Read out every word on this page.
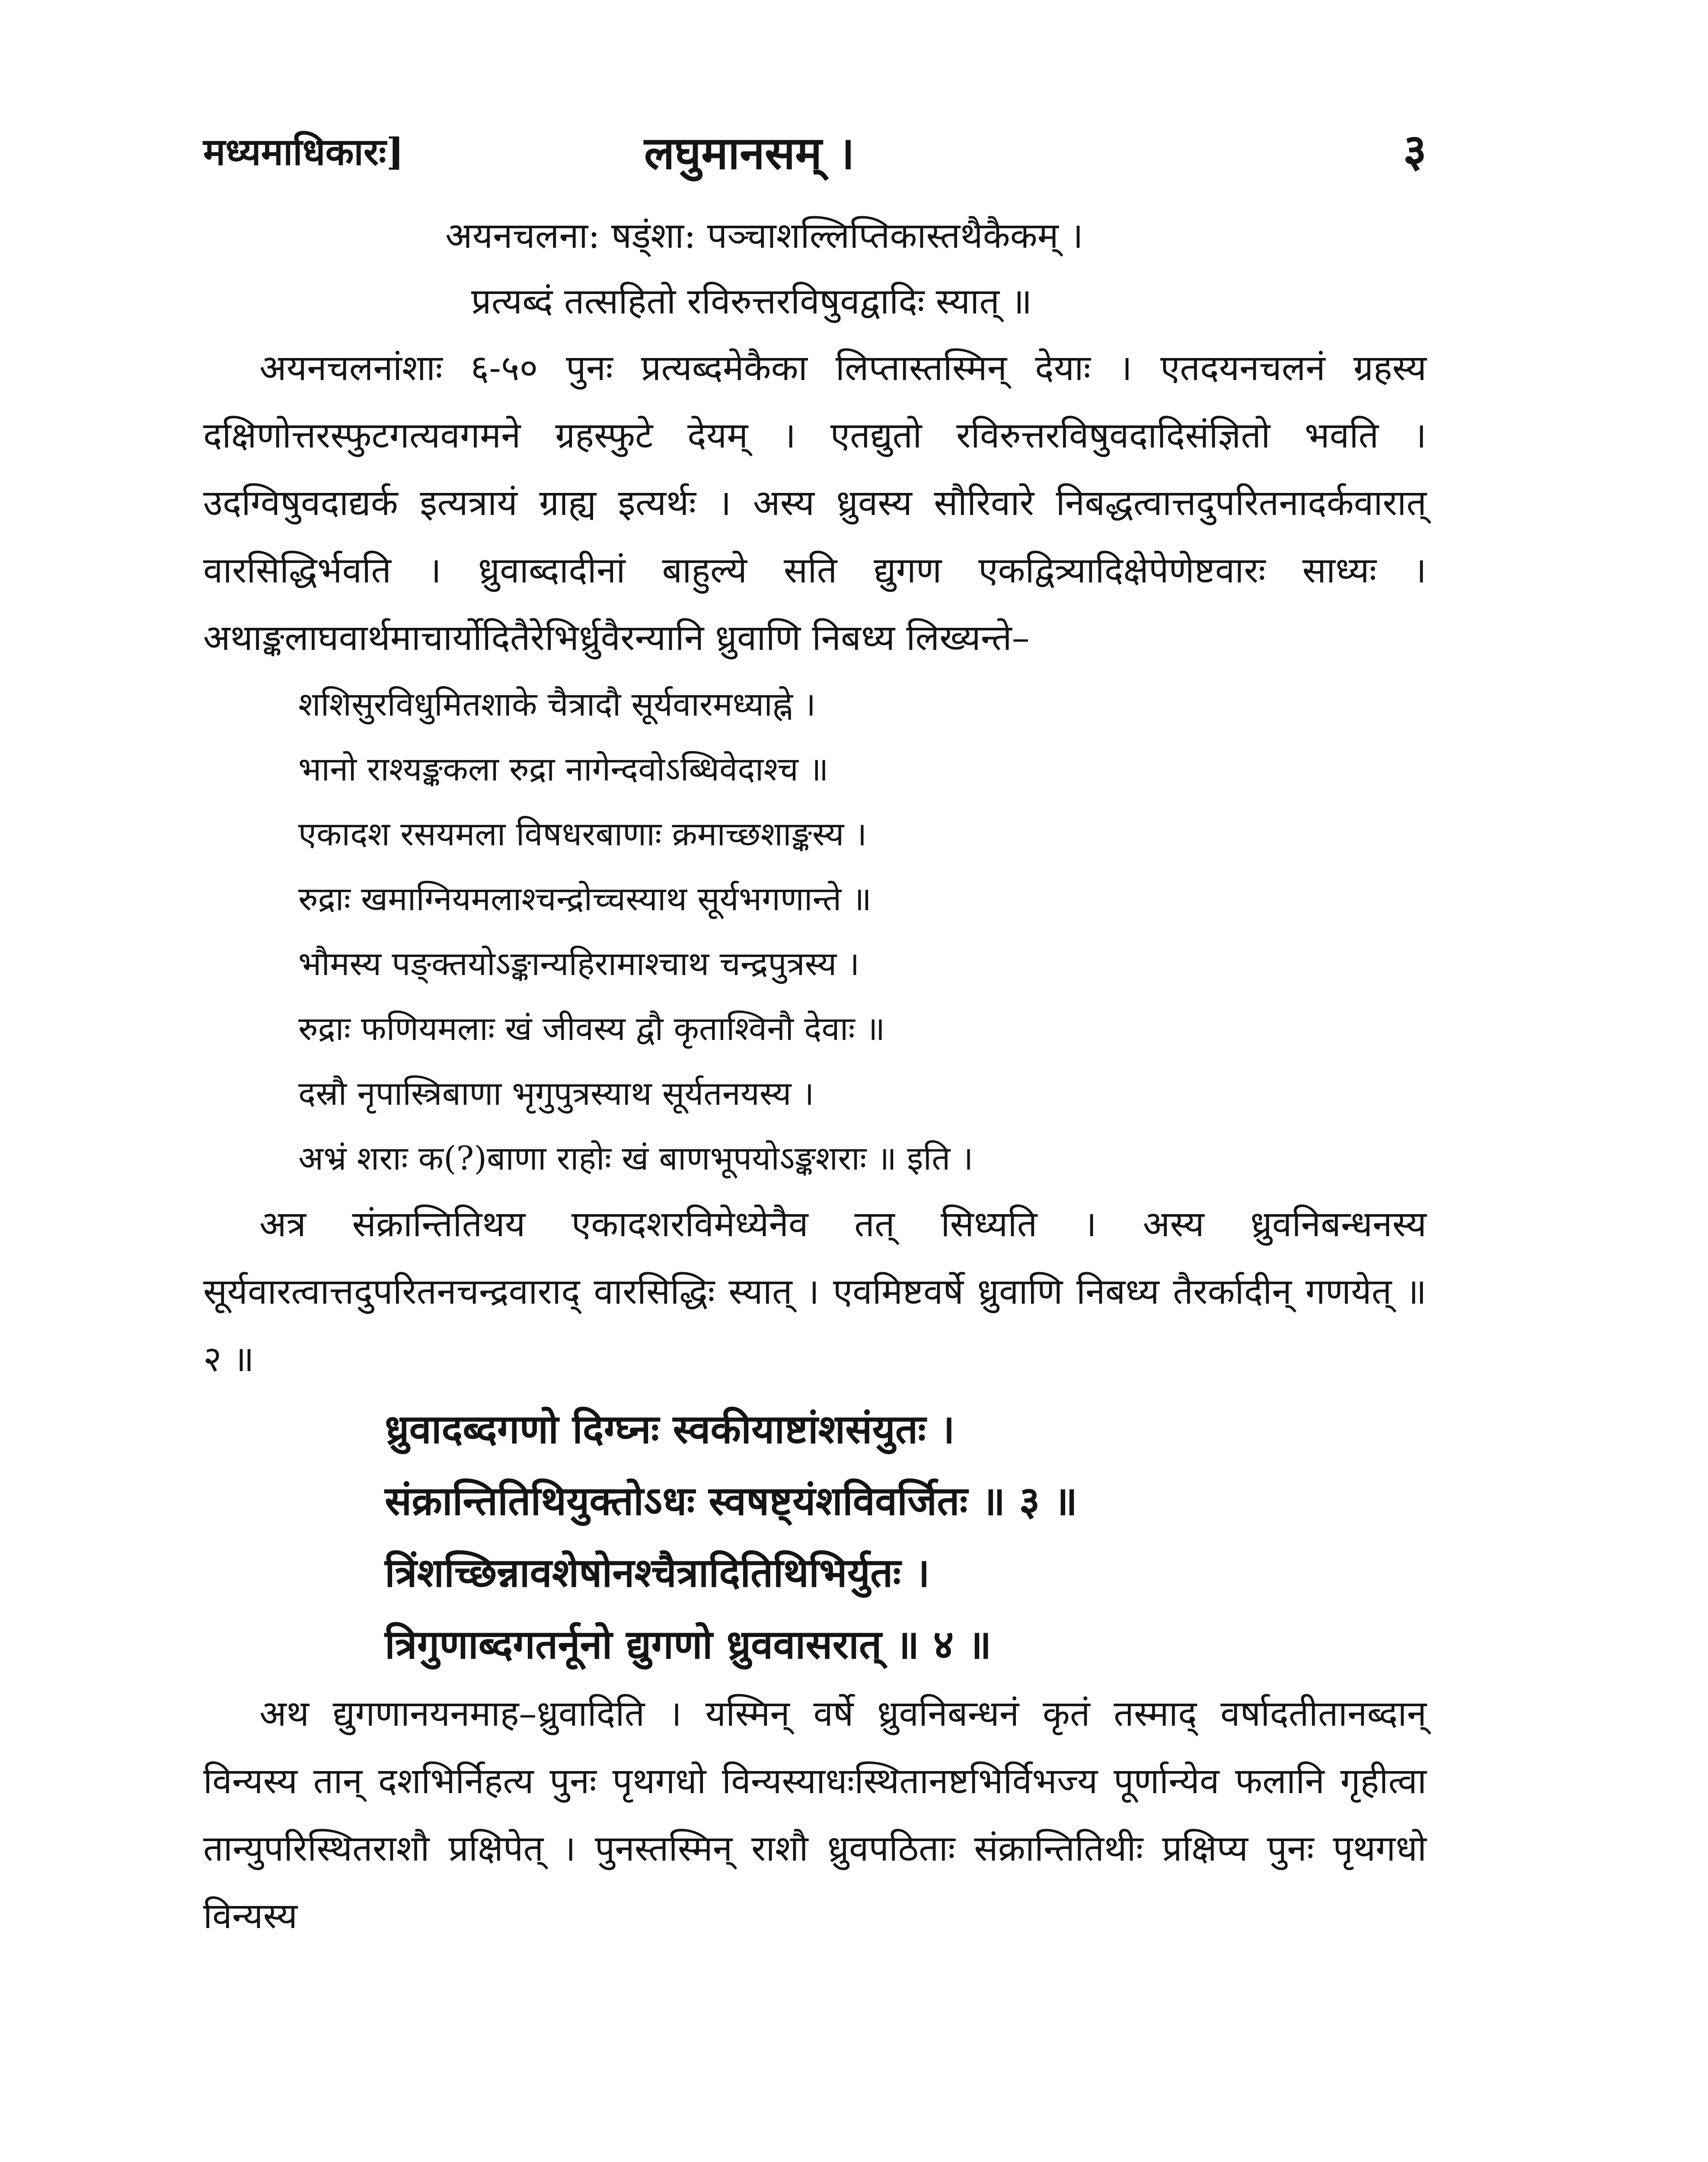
मध्यमाधिकारः]	लघुमानसम् ।	३
अयनचलना: षड्ंशा: पञ्चाशल्लिप्तिकास्तथैकैकम् ।
प्रत्यब्दं तत्सहितो रविरुत्तरविषुवद्वादिः स्यात् ॥

अयनचलनांशाः ६-५० पुनः प्रत्यब्दमेकैका लिप्तास्तस्मिन् देयाः । एतदयनचलनं ग्रहस्य दक्षिणोत्तरस्फुटगत्यवगमने ग्रहस्फुटे देयम् । एतद्युतो रविरुत्तरविषुवदादिसंज्ञितो भवति । उदग्विषुवदाद्यर्क इत्यत्रायं ग्राह्य इत्यर्थः । अस्य ध्रुवस्य सौरिवारे निबद्धत्वात्तदुपरितनादर्कवारात् वारसिद्धिर्भवति । ध्रुवाब्दादीनां बाहुल्ये सति द्युगण एकद्वित्र्यादिक्षेपेणेष्टवारः साध्यः । अथाङ्कलाघवार्थमाचार्योदितैरेभिर्ध्रुवैरन्यानि ध्रुवाणि निबध्य लिख्यन्ते–

शशिसुरविधुमितशाके चैत्रादौ सूर्यवारमध्याह्ने ।
भानो राश्यङ्ककला रुद्रा नागेन्दवोऽब्धिवेदाश्च ॥
एकादश रसयमला विषधरबाणाः क्रमाच्छशाङ्कस्य ।
रुद्राः खमाग्नियमलाश्चन्द्रोच्चस्याथ सूर्यभगणान्ते ॥
भौमस्य पङ्क्तयोऽङ्कान्यहिरामाश्चाथ चन्द्रपुत्रस्य ।
रुद्राः फणियमलाः खं जीवस्य द्वौ कृताश्विनौ देवाः ॥
दस्रौ नृपास्त्रिबाणा भृगुपुत्रस्याथ सूर्यतनयस्य ।
अभ्रं शराः क(?)बाणा राहोः खं बाणभूपयोऽङ्कशराः ॥ इति ।

अत्र संक्रान्तितिथय एकादशरविमेध्येनैव तत् सिध्यति । अस्य ध्रुवनिबन्धनस्य सूर्यवारत्वात्तदुपरितनचन्द्रवाराद् वारसिद्धिः स्यात् । एवमिष्टवर्षे ध्रुवाणि निबध्य तैरर्कादीन् गणयेत् ॥ २ ॥

ध्रुवादब्दगणो दिग्घ्नः स्वकीयाष्टांशसंयुतः ।
संक्रान्तितिथियुक्तोऽधः स्वषष्ट्यंशविवर्जितः ॥ ३ ॥
त्रिंशच्छिन्नावशेषोनश्चैत्रादितिथिभिर्युतः ।
त्रिगुणाब्दगतर्नूनो द्युगणो ध्रुववासरात् ॥ ४ ॥

अथ द्युगणानयनमाह–ध्रुवादिति । यस्मिन् वर्षे ध्रुवनिबन्धनं कृतं तस्माद् वर्षादतीतानब्दान् विन्यस्य तान् दशभिर्निहत्य पुनः पृथगधो विन्यस्याधःस्थितानष्टभिर्विभज्य पूर्णान्येव फलानि गृहीत्वा तान्युपरिस्थितराशौ प्रक्षिपेत् । पुनस्तस्मिन् राशौ ध्रुवपठिताः संक्रान्तितिथीः प्रक्षिप्य पुनः पृथगधो विन्यस्य
